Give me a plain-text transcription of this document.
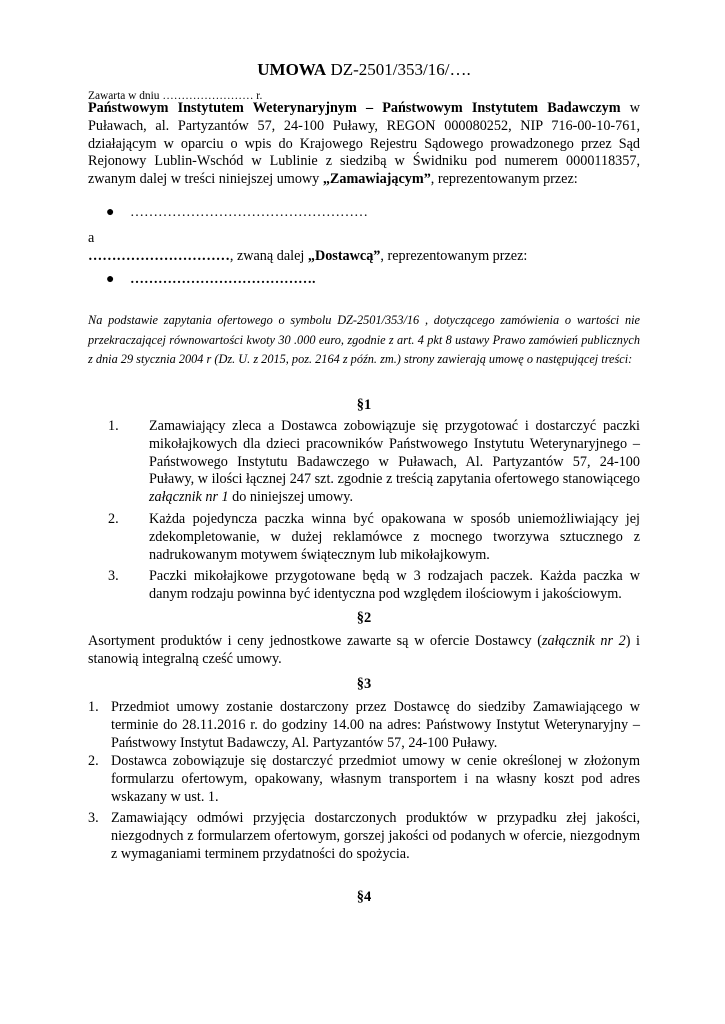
UMOWA DZ-2501/353/16/….
Zawarta w dniu …………………… r.
Państwowym Instytutem Weterynaryjnym – Państwowym Instytutem Badawczym w Puławach, al. Partyzantów 57, 24-100 Puławy, REGON 000080252, NIP 716-00-10-761, działającym w oparciu o wpis do Krajowego Rejestru Sądowego prowadzonego przez Sąd Rejonowy Lublin-Wschód w Lublinie z siedzibą w Świdniku pod numerem 0000118357, zwanym dalej w treści niniejszej umowy „Zamawiającym”, reprezentowanym przez:
● ……………………………………………
a
…………………………, zwaną dalej „Dostawcą”, reprezentowanym przez:
● ………………………………….
Na podstawie zapytania ofertowego o symbolu DZ-2501/353/16 , dotyczącego zamówienia o wartości nie przekraczającej równowartości kwoty 30 .000 euro, zgodnie z art. 4 pkt 8 ustawy Prawo zamówień publicznych z dnia 29 stycznia 2004 r (Dz. U. z 2015, poz. 2164 z późn. zm.) strony zawierają umowę o następującej treści:
§1
1. Zamawiający zleca a Dostawca zobowiązuje się przygotować i dostarczyć paczki mikołajkowych dla dzieci pracowników Państwowego Instytutu Weterynaryjnego – Państwowego Instytutu Badawczego w Puławach, Al. Partyzantów 57, 24-100 Puławy, w ilości łącznej 247 szt. zgodnie z treścią zapytania ofertowego stanowiącego załącznik nr 1 do niniejszej umowy.
2. Każda pojedyncza paczka winna być opakowana w sposób uniemożliwiający jej zdekompletowanie, w dużej reklamówce z mocnego tworzywa sztucznego z nadrukowanym motywem świątecznym lub mikołajkowym.
3. Paczki mikołajkowe przygotowane będą w 3 rodzajach paczek. Każda paczka w danym rodzaju powinna być identyczna pod względem ilościowym i jakościowym.
§2
Asortyment produktów i ceny jednostkowe zawarte są w ofercie Dostawcy (załącznik nr 2) i stanowią integralną cześć umowy.
§3
1. Przedmiot umowy zostanie dostarczony przez Dostawcę do siedziby Zamawiającego w terminie do 28.11.2016 r. do godziny 14.00 na adres: Państwowy Instytut Weterynaryjny – Państwowy Instytut Badawczy, Al. Partyzantów 57, 24-100 Puławy.
2. Dostawca zobowiązuje się dostarczyć przedmiot umowy w cenie określonej w złożonym formularzu ofertowym, opakowany, własnym transportem i na własny koszt pod adres wskazany w ust. 1.
3. Zamawiający odmówi przyjęcia dostarczonych produktów w przypadku złej jakości, niezgodnych z formularzem ofertowym, gorszej jakości od podanych w ofercie, niezgodnym z wymaganiami terminem przydatności do spożycia.
§4
